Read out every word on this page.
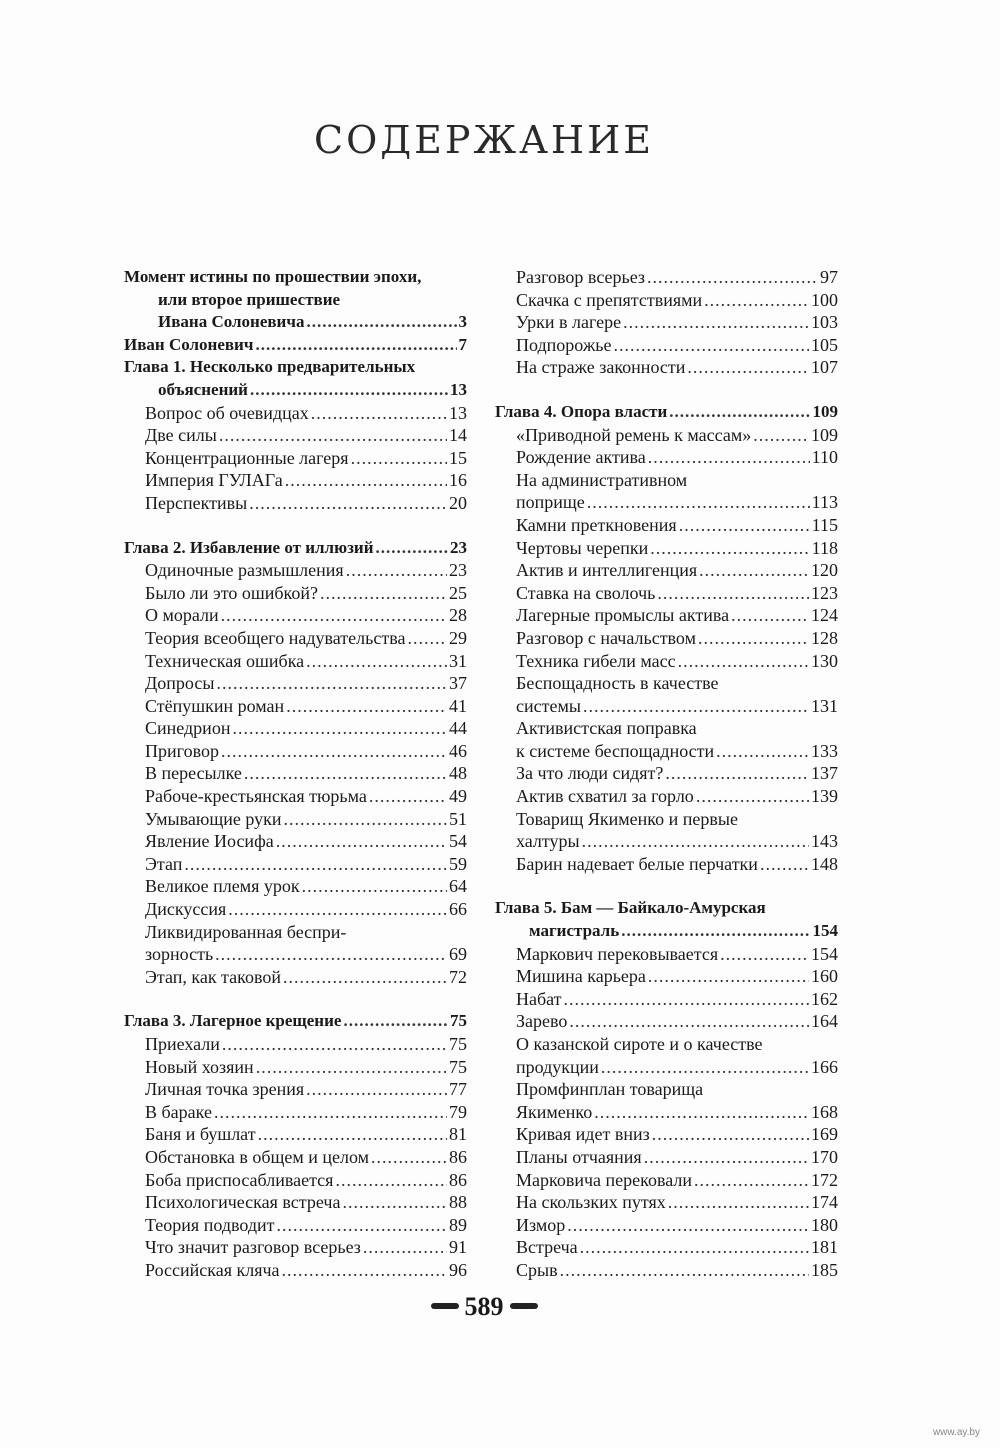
СОДЕРЖАНИЕ
Момент истины по прошествии эпохи,
или второе пришествие
Ивана Солоневича .....	3
Иван Солоневич .....	7
Глава 1. Несколько предварительных
объяснений .....	13
Вопрос об очевидцах .....	13
Две силы .....	14
Концентрационные лагеря .....	15
Империя ГУЛАГа .....	16
Перспективы .....	20
Глава 2. Избавление от иллюзий .....	23
Одиночные размышления .....	23
Было ли это ошибкой? .....	25
О морали .....	28
Теория всеобщего надувательства ..... 29
Техническая ошибка .....	31
Допросы .....	37
Стёпушкин роман .....	41
Синедрион .....	44
Приговор .....	46
В пересылке .....	48
Рабоче-крестьянская тюрьма .....	49
Умывающие руки .....	51
Явление Иосифа .....	54
Этап .....	59
Великое племя урок .....	64
Дискуссия .....	66
Ликвидированная беспри-
зорность .....	69
Этап, как таковой .....	72
Глава 3. Лагерное крещение .....	75
Приехали .....	75
Новый хозяин .....	75
Личная точка зрения .....	77
В бараке .....	79
Баня и бушлат .....	81
Обстановка в общем и целом .....	86
Боба приспосабливается .....	86
Психологическая встреча .....	88
Теория подводит .....	89
Что значит разговор всерьез .....	91
Российская кляча .....	96
Разговор всерьез .....	97
Скачка с препятствиями .....	100
Урки в лагере .....	103
Подпорожье .....	105
На страже законности .....	107
Глава 4. Опора власти .....	109
«Приводной ремень к массам» .....	109
Рождение актива .....	110
На административном
поприще .....	113
Камни преткновения .....	115
Чертовы черепки .....	118
Актив и интеллигенция .....	120
Ставка на сволочь .....	123
Лагерные промыслы актива .....	124
Разговор с начальством .....	128
Техника гибели масс .....	130
Беспощадность в качестве
системы .....	131
Активистская поправка
к системе беспощадности .....	133
За что люди сидят? .....	137
Актив схватил за горло .....	139
Товарищ Якименко и первые
халтуры .....	143
Барин надевает белые перчатки .....	148
Глава 5. Бам — Байкало-Амурская
магистраль .....	154
Маркович перековывается .....	154
Мишина карьера .....	160
Набат .....	162
Зарево .....	164
О казанской сироте и о качестве
продукции .....	166
Промфинплан товарища
Якименко .....	168
Кривая идет вниз .....	169
Планы отчаяния .....	170
Марковича перековали .....	172
На скользких путях .....	174
Измор .....	180
Встреча .....	181
Срыв .....	185
589
www.ay.by
